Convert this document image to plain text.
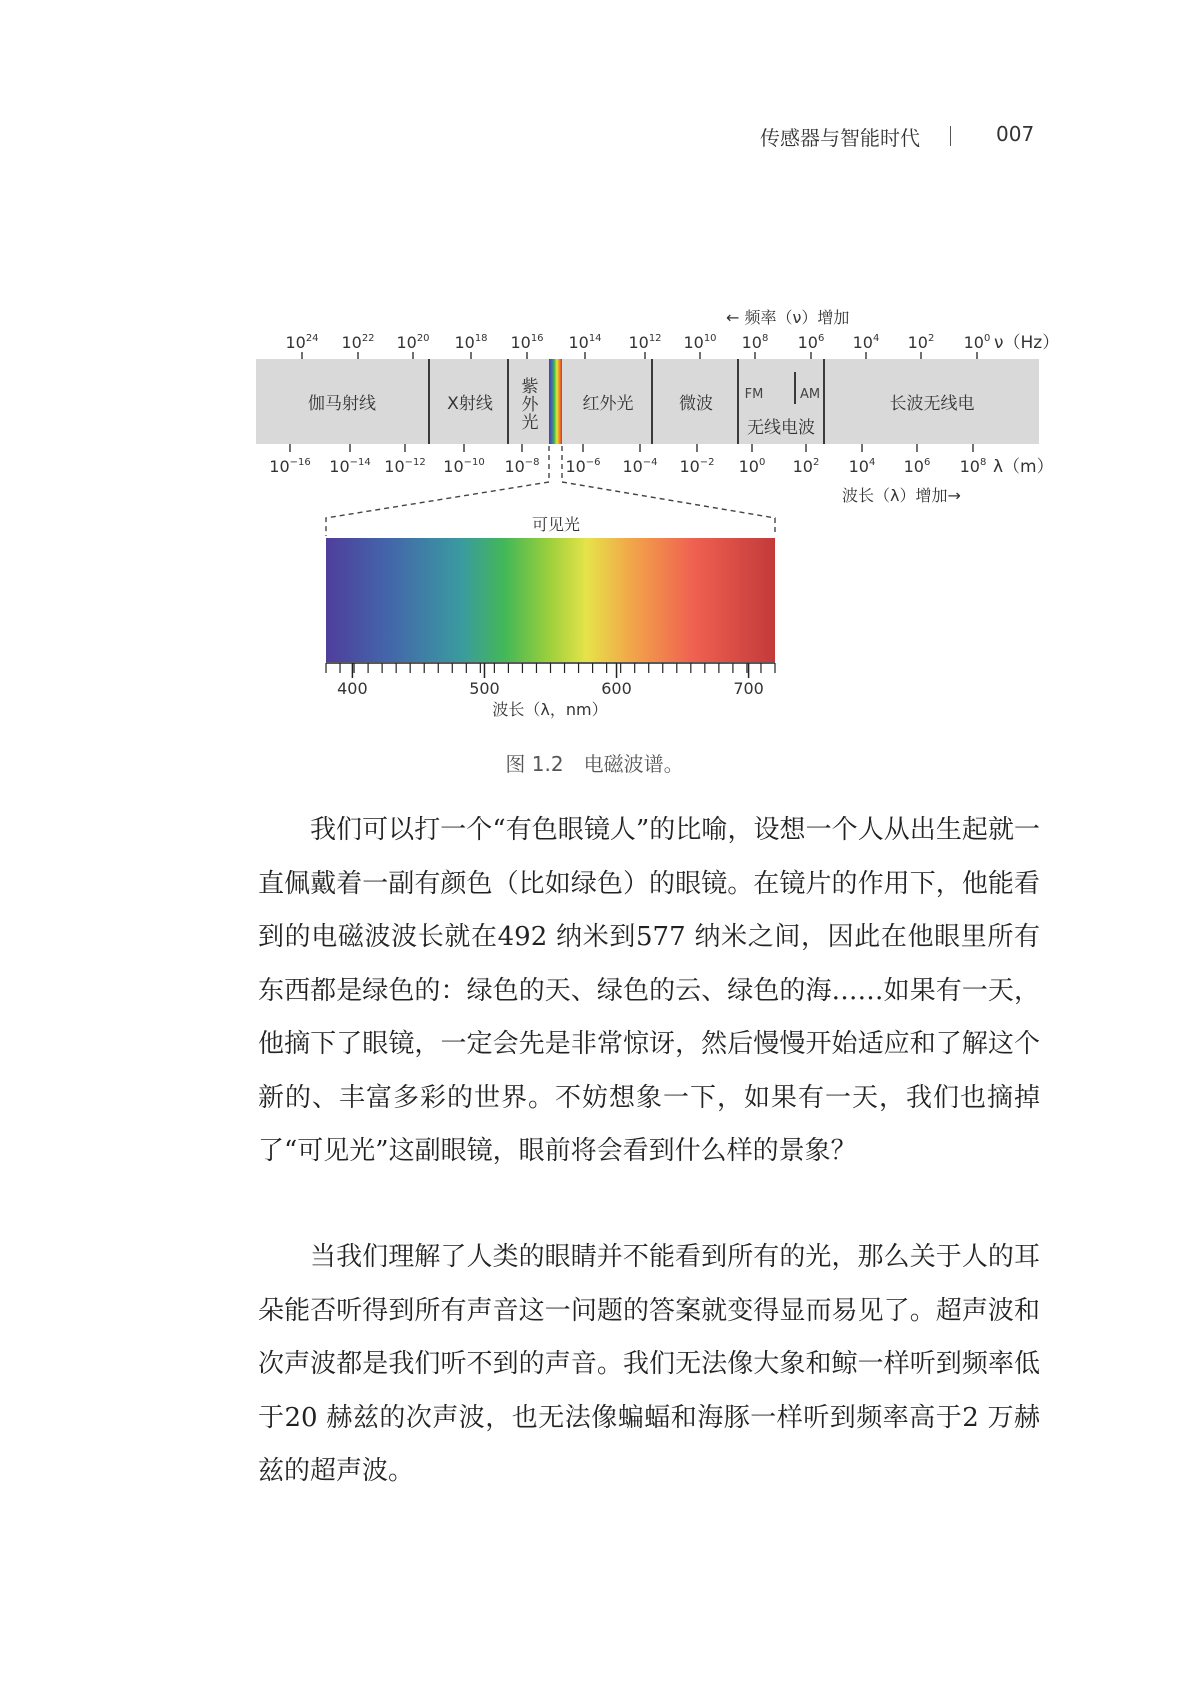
传感器与智能时代	007
← 频率（ν）增加
$10^{24}$ $10^{22}$ $10^{20}$ $10^{18}$ $10^{16}$ $10^{14}$ $10^{12}$ $10^{10}$ $10^8$ $10^6$ $10^4$ $10^2$ $10^0$ ν（Hz）
伽马射线	X射线
紫
外
光
红外光	微波 FM	AM
无线电波
长波无线电
$10^{-16}$ $10^{-14}$ $10^{-12}$ $10^{-10}$ $10^{-8}$ $10^{-6}$ $10^{-4}$ $10^{-2}$ $10^0$ $10^2$ $10^4$ $10^6$ $10^8$ λ（m）
波长（λ）增加→
可见光
400	500	600	700
波长（λ，nm）
图 1.2　电磁波谱。

我们可以打一个“有色眼镜人”的比喻，设想一个人从出生起就一直佩戴着一副有颜色（比如绿色）的眼镜。在镜片的作用下，他能看到的电磁波波长就在492 纳米到577 纳米之间，因此在他眼里所有东西都是绿色的：绿色的天、绿色的云、绿色的海……如果有一天，他摘下了眼镜，一定会先是非常惊讶，然后慢慢开始适应和了解这个新的、丰富多彩的世界。不妨想象一下，如果有一天，我们也摘掉了“可见光”这副眼镜，眼前将会看到什么样的景象？

当我们理解了人类的眼睛并不能看到所有的光，那么关于人的耳朵能否听得到所有声音这一问题的答案就变得显而易见了。超声波和次声波都是我们听不到的声音。我们无法像大象和鲸一样听到频率低于20 赫兹的次声波，也无法像蝙蝠和海豚一样听到频率高于2 万赫兹的超声波。
